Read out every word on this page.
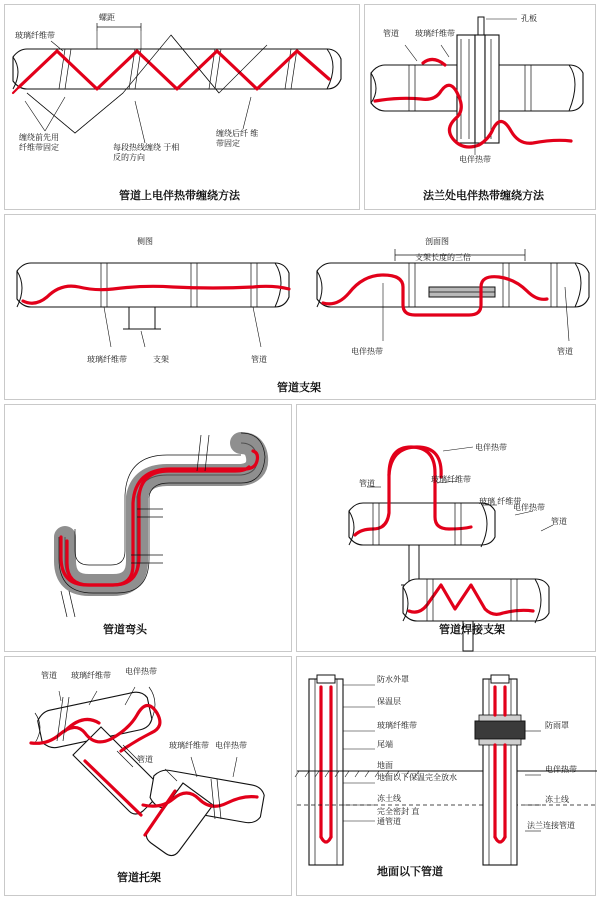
玻璃纤维带
螺距
缠绕前先用 纤维带固定	每段热线缠绕 于相反的方向
缠绕后纤 维带固定
管道上电伴热带缠绕方法
孔板
管道 玻璃纤维带
电伴热带
法兰处电伴热带缠绕方法
侧图	剖面图
支架长度的三倍
玻璃纤维带	支架	管道
电伴热带	管道
管道支架
管道弯头
电伴热带
管道	玻璃纤维带
玻璃 纤维带
电伴热带
管道
管道焊接支架
管道 玻璃纤维带 电伴热带
玻璃纤维带 电伴热带
管道
管道托架
防水外罩
保温层
玻璃纤维带
尾端
地面
地面以下保温完全放水
冻土线
完全密封 直通管道
防雨罩
电伴热带
冻土线
法兰连接管道
地面以下管道
